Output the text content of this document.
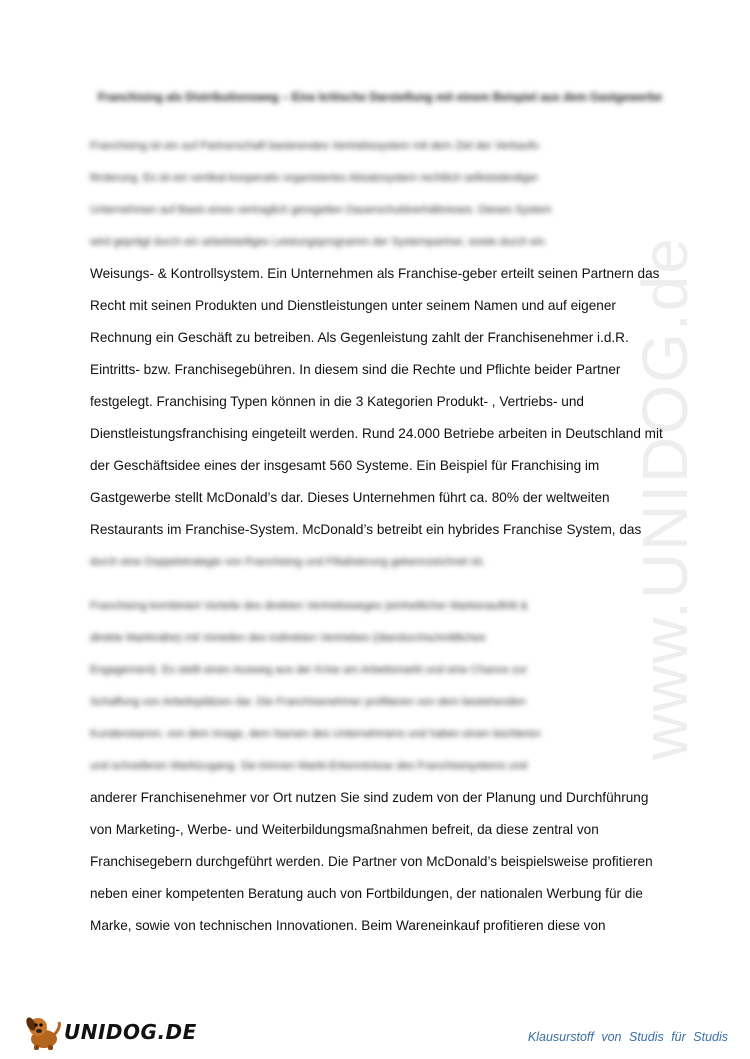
www.UNIDOG.de
Franchising als Distributionsweg – Eine kritische Darstellung mit einem Beispiel aus dem Gastgewerbe
Franchising ist ein auf Partnerschaft basierendes Vertriebssystem mit dem Ziel der Verkaufs-
förderung. Es ist ein vertikal-kooperativ organisiertes Absatzsystem rechtlich selbstständiger
Unternehmen auf Basis eines vertraglich geregelten Dauerschuldverhältnisses. Dieses System
wird geprägt durch ein arbeitsteiliges Leistungsprogramm der Systempartner, sowie durch ein
Weisungs- & Kontrollsystem. Ein Unternehmen als Franchise-geber erteilt seinen Partnern das
Recht mit seinen Produkten und Dienstleistungen unter seinem Namen und auf eigener
Rechnung ein Geschäft zu betreiben. Als Gegenleistung zahlt der Franchisenehmer i.d.R.
Eintritts- bzw. Franchisegebühren. In diesem sind die Rechte und Pflichte beider Partner
festgelegt. Franchising Typen können in die 3 Kategorien Produkt- , Vertriebs- und
Dienstleistungsfranchising eingeteilt werden. Rund 24.000 Betriebe arbeiten in Deutschland mit
der Geschäftsidee eines der insgesamt 560 Systeme. Ein Beispiel für Franchising im
Gastgewerbe stellt McDonald’s dar. Dieses Unternehmen führt ca. 80% der weltweiten
Restaurants im Franchise-System. McDonald’s betreibt ein hybrides Franchise System, das
durch eine Doppelstrategie von Franchising und Filialisierung gekennzeichnet ist.
Franchising kombiniert Vorteile des direkten Vertriebsweges (einheitlicher Markenauftritt &
direkte Marktnähe) mit Vorteilen des indirekten Vertriebes (überdurchschnittliches
Engagement). Es stellt einen Ausweg aus der Krise am Arbeitsmarkt und eine Chance zur
Schaffung von Arbeitsplätzen dar. Die Franchisenehmer profitieren von dem bestehenden
Kundenstamm, von dem Image, dem Namen des Unternehmens und haben einen leichteren
und schnelleren Marktzugang. Sie können Markt-Erkenntnisse des Franchisesystems und
anderer Franchisenehmer vor Ort nutzen Sie sind zudem von der Planung und Durchführung
von Marketing-, Werbe- und Weiterbildungsmaßnahmen befreit, da diese zentral von
Franchisegebern durchgeführt werden. Die Partner von McDonald’s beispielsweise profitieren
neben einer kompetenten Beratung auch von Fortbildungen, der nationalen Werbung für die
Marke, sowie von technischen Innovationen. Beim Wareneinkauf profitieren diese von
UNIDOG.DE	Klausurstoff von Studis für Studis
